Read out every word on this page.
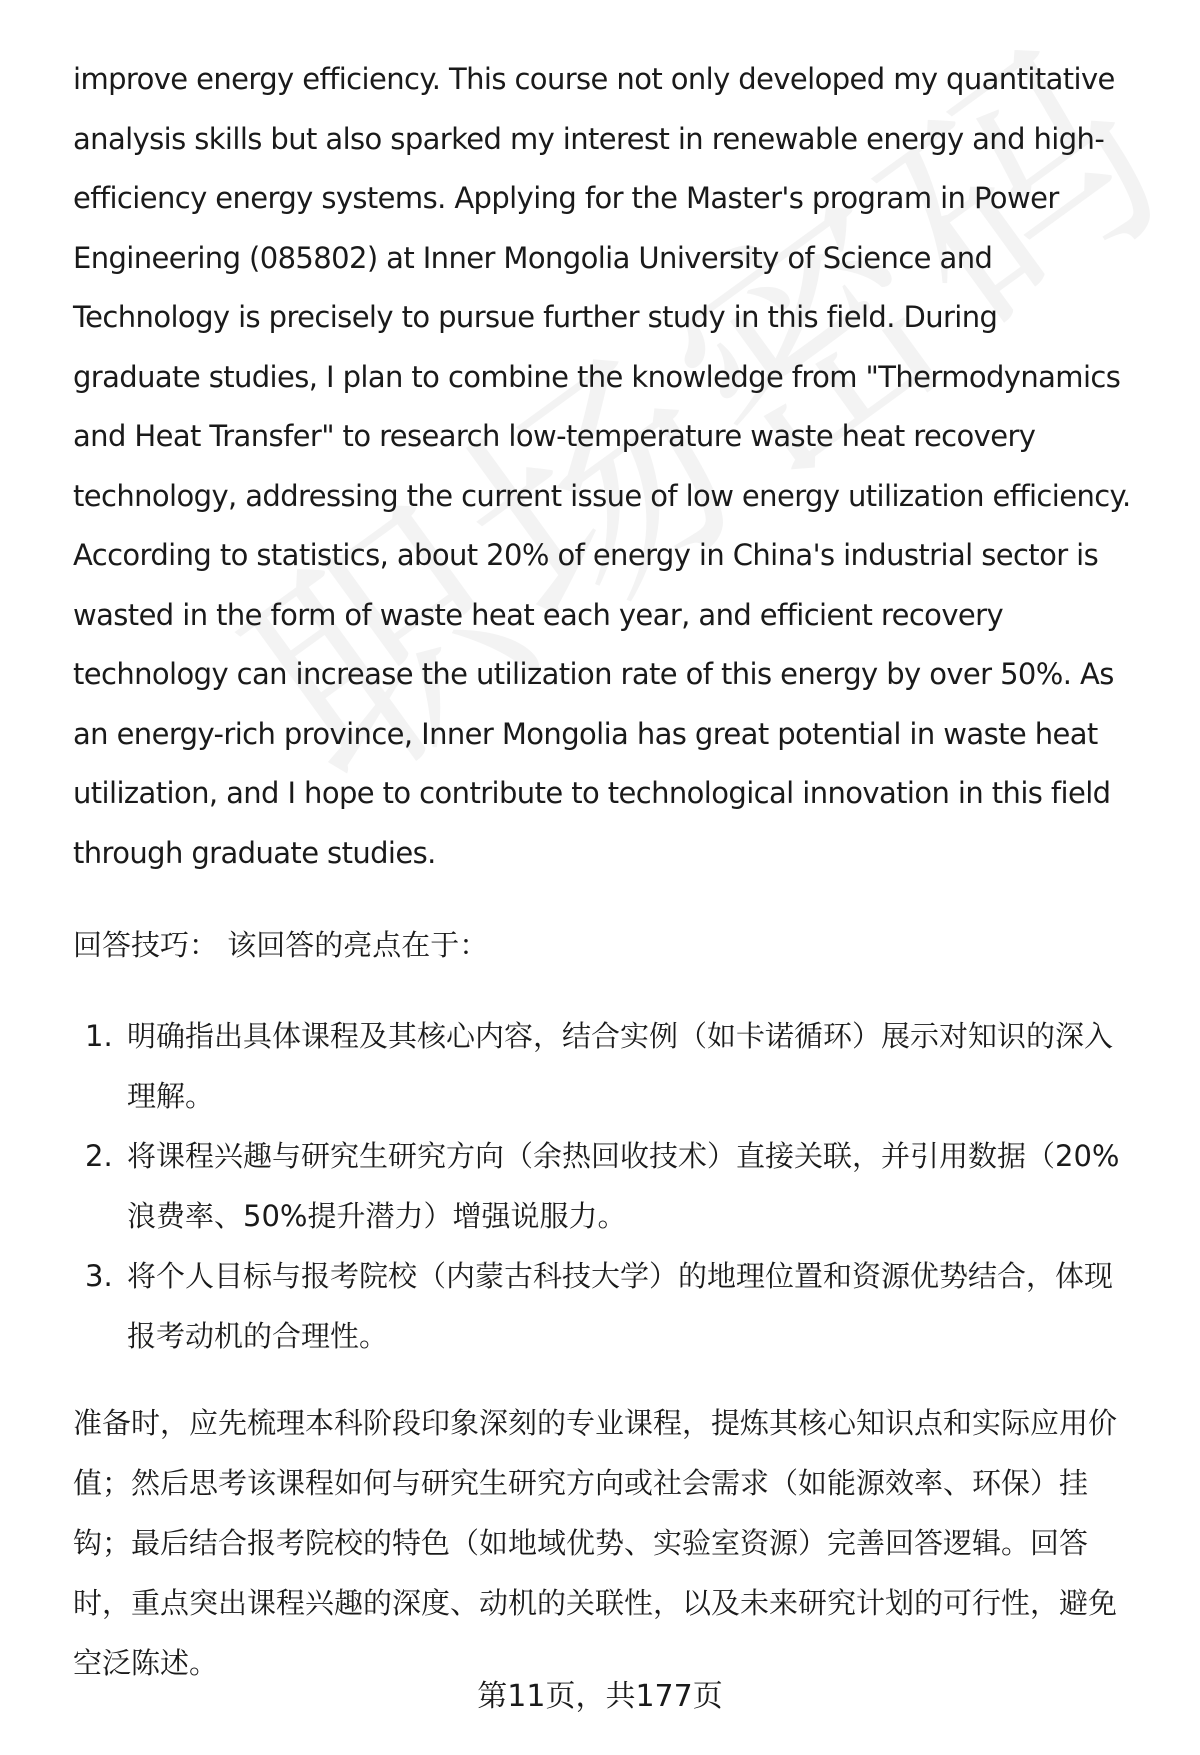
improve energy efficiency. This course not only developed my quantitative
analysis skills but also sparked my interest in renewable energy and high-
efficiency energy systems. Applying for the Master's program in Power
Engineering (085802) at Inner Mongolia University of Science and
Technology is precisely to pursue further study in this field. During
graduate studies, I plan to combine the knowledge from "Thermodynamics
and Heat Transfer" to research low-temperature waste heat recovery
technology, addressing the current issue of low energy utilization efficiency.
According to statistics, about 20% of energy in China's industrial sector is
wasted in the form of waste heat each year, and efficient recovery
technology can increase the utilization rate of this energy by over 50%. As
an energy-rich province, Inner Mongolia has great potential in waste heat
utilization, and I hope to contribute to technological innovation in this field
through graduate studies.

回答技巧： 该回答的亮点在于：

1. 明确指出具体课程及其核心内容，结合实例（如卡诺循环）展示对知识的深入
理解。
2. 将课程兴趣与研究生研究方向（余热回收技术）直接关联，并引用数据（20%
浪费率、50%提升潜力）增强说服力。
3. 将个人目标与报考院校（内蒙古科技大学）的地理位置和资源优势结合，体现
报考动机的合理性。

准备时，应先梳理本科阶段印象深刻的专业课程，提炼其核心知识点和实际应用价
值；然后思考该课程如何与研究生研究方向或社会需求（如能源效率、环保）挂
钩；最后结合报考院校的特色（如地域优势、实验室资源）完善回答逻辑。回答
时，重点突出课程兴趣的深度、动机的关联性，以及未来研究计划的可行性，避免
空泛陈述。

第11页，共177页
